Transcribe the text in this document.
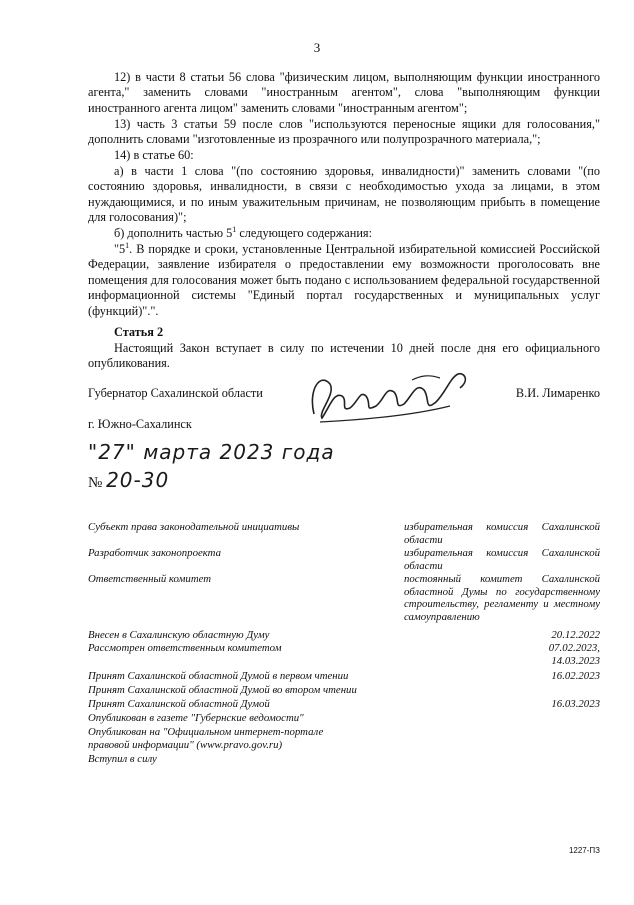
3
12) в части 8 статьи 56 слова "физическим лицом, выполняющим функции иностранного агента," заменить словами "иностранным агентом", слова "выполняющим функции иностранного агента лицом" заменить словами "иностранным агентом";
13) часть 3 статьи 59 после слов "используются переносные ящики для голосования," дополнить словами "изготовленные из прозрачного или полупрозрачного материала,";
14) в статье 60:
а) в части 1 слова "(по состоянию здоровья, инвалидности)" заменить словами "(по состоянию здоровья, инвалидности, в связи с необходимостью ухода за лицами, в этом нуждающимися, и по иным уважительным причинам, не позволяющим прибыть в помещение для голосования)";
б) дополнить частью $5^1$ следующего содержания:
"$5^1$. В порядке и сроки, установленные Центральной избирательной комиссией Российской Федерации, заявление избирателя о предоставлении ему возможности проголосовать вне помещения для голосования может быть подано с использованием федеральной государственной информационной системы "Единый портал государственных и муниципальных услуг (функций)".".
Статья 2
Настоящий Закон вступает в силу по истечении 10 дней после дня его официального опубликования.
Губернатор Сахалинской области	В.И. Лимаренко
г. Южно-Сахалинск
"27" марта 2023 года
№ 20-30
Субъект права законодательной инициативы	избирательная комиссия Сахалинской области
Разработчик законопроекта	избирательная комиссия Сахалинской области
Ответственный комитет	постоянный комитет Сахалинской областной Думы по государственному строительству, регламенту и местному самоуправлению
Внесен в Сахалинскую областную Думу	20.12.2022
Рассмотрен ответственным комитетом	07.02.2023,
14.03.2023
Принят Сахалинской областной Думой в первом чтении	16.02.2023
Принят Сахалинской областной Думой во втором чтении
Принят Сахалинской областной Думой	16.03.2023
Опубликован в газете "Губернские ведомости"
Опубликован на "Официальном интернет-портале правовой информации" (www.pravo.gov.ru)
Вступил в силу
1227-ПЗ
